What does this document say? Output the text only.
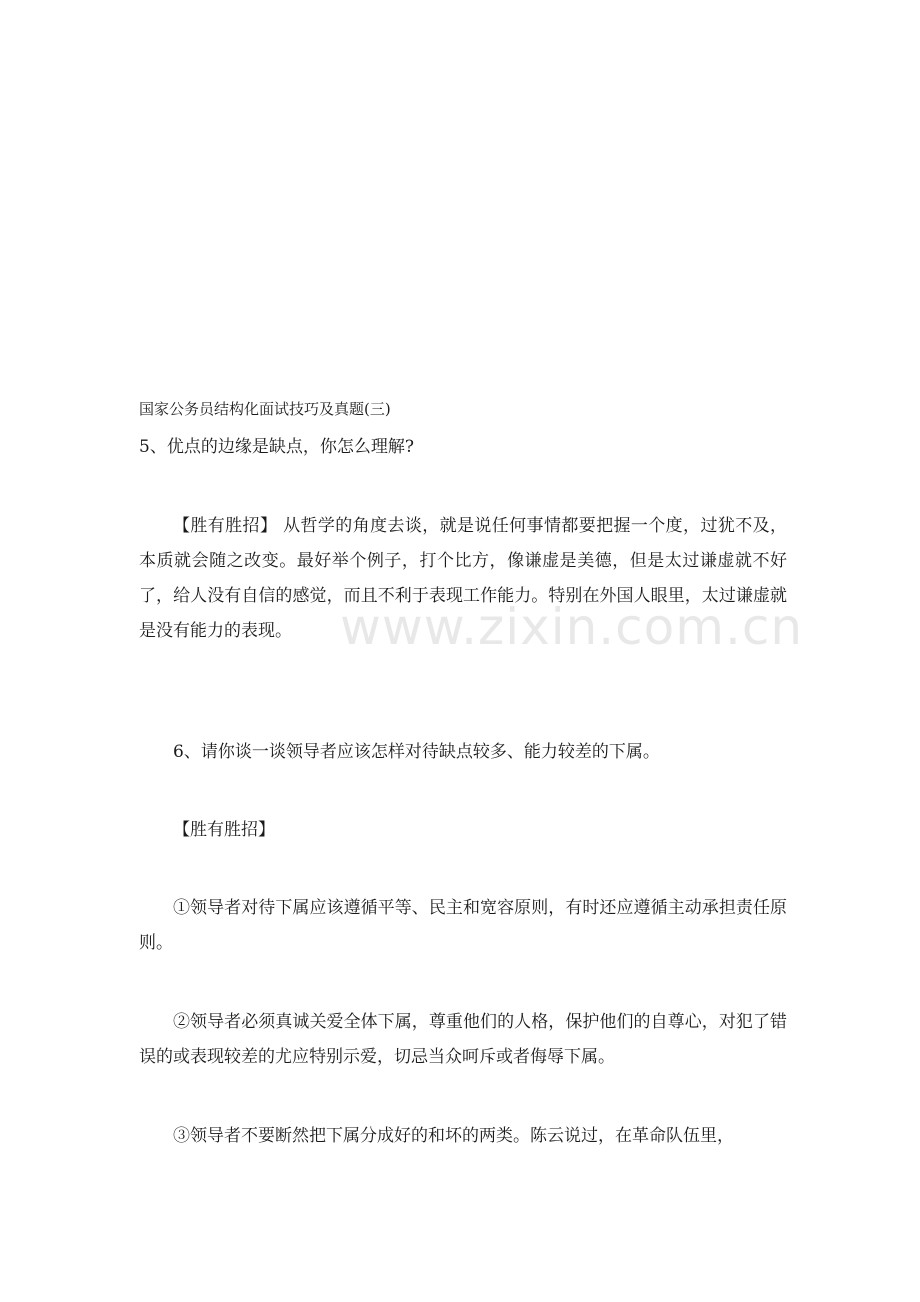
国家公务员结构化面试技巧及真题(三)
5、优点的边缘是缺点，你怎么理解?

【胜有胜招】 从哲学的角度去谈，就是说任何事情都要把握一个度，过犹不及，本质就会随之改变。最好举个例子，打个比方，像谦虚是美德，但是太过谦虚就不好了，给人没有自信的感觉，而且不利于表现工作能力。特别在外国人眼里，太过谦虚就是没有能力的表现。

6、请你谈一谈领导者应该怎样对待缺点较多、能力较差的下属。

【胜有胜招】

①领导者对待下属应该遵循平等、民主和宽容原则，有时还应遵循主动承担责任原则。

②领导者必须真诚关爱全体下属，尊重他们的人格，保护他们的自尊心，对犯了错误的或表现较差的尤应特别示爱，切忌当众呵斥或者侮辱下属。

③领导者不要断然把下属分成好的和坏的两类。陈云说过，在革命队伍里，

www.zixin.com.cn
